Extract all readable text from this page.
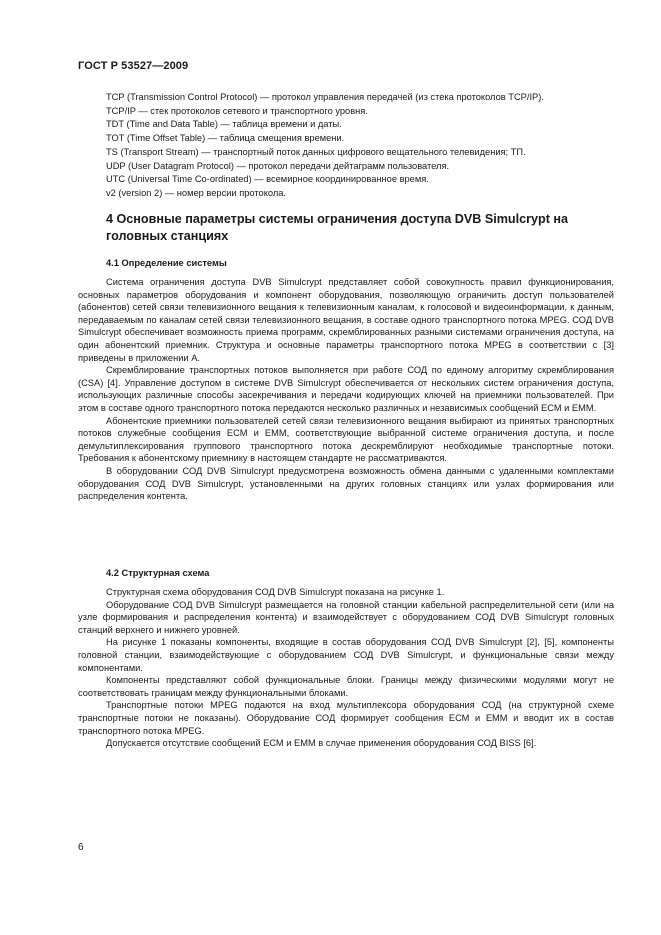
ГОСТ Р 53527—2009
TCP (Transmission Control Protocol) — протокол управления передачей (из стека протоколов TCP/IP).
TCP/IP — стек протоколов сетевого и транспортного уровня.
TDT (Time and Data Table) — таблица времени и даты.
TOT (Time Offset Table) — таблица смещения времени.
TS (Transport Stream) — транспортный поток данных цифрового вещательного телевидения; ТП.
UDP (User Datagram Protocol) — протокол передачи дейтаграмм пользователя.
UTC (Universal Time Co-ordinated) — всемирное координированное время.
v2 (version 2) — номер версии протокола.
4 Основные параметры системы ограничения доступа DVB Simulcrypt на головных станциях
4.1 Определение системы

Система ограничения доступа DVB Simulcrypt представляет собой совокупность правил функционирования, основных параметров оборудования и компонент оборудования, позволяющую ограничить доступ пользователей (абонентов) сетей связи телевизионного вещания к телевизионным каналам, к голосовой и видеоинформации, к данным, передаваемым по каналам сетей связи телевизионного вещания, в составе одного транспортного потока MPEG. СОД DVB Simulcrypt обеспечивает возможность приема программ, скремблированных разными системами ограничения доступа, на один абонентский приемник. Структура и основные параметры транспортного потока MPEG в соответствии с [3] приведены в приложении А.

Скремблирование транспортных потоков выполняется при работе СОД по единому алгоритму скремблирования (CSA) [4]. Управление доступом в системе DVB Simulcrypt обеспечивается от нескольких систем ограничения доступа, использующих различные способы засекречивания и передачи кодирующих ключей на приемники пользователей. При этом в составе одного транспортного потока передаются несколько различных и независимых сообщений ЕСМ и ЕММ.

Абонентские приемники пользователей сетей связи телевизионного вещания выбирают из принятых транспортных потоков служебные сообщения ЕСМ и ЕММ, соответствующие выбранной системе ограничения доступа, и после демультиплексирования группового транспортного потока дескремблируют необходимые транспортные потоки. Требования к абонентскому приемнику в настоящем стандарте не рассматриваются.

В оборудовании СОД DVB Simulcrypt предусмотрена возможность обмена данными с удаленными комплектами оборудования СОД DVB Simulcrypt, установленными на других головных станциях или узлах формирования или распределения контента.

4.2 Структурная схема

Структурная схема оборудования СОД DVB Simulcrypt показана на рисунке 1.

Оборудование СОД DVB Simulcrypt размещается на головной станции кабельной распределительной сети (или на узле формирования и распределения контента) и взаимодействует с оборудованием СОД DVB Simulcrypt головных станций верхнего и нижнего уровней.

На рисунке 1 показаны компоненты, входящие в состав оборудования СОД DVB Simulcrypt [2], [5], компоненты головной станции, взаимодействующие с оборудованием СОД DVB Simulcrypt, и функциональные связи между компонентами.

Компоненты представляют собой функциональные блоки. Границы между физическими модулями могут не соответствовать границам между функциональными блоками.

Транспортные потоки MPEG подаются на вход мультиплексора оборудования СОД (на структурной схеме транспортные потоки не показаны). Оборудование СОД формирует сообщения ЕСМ и ЕММ и вводит их в состав транспортного потока MPEG.

Допускается отсутствие сообщений ЕСМ и ЕММ в случае применения оборудования СОД BISS [6].

6
